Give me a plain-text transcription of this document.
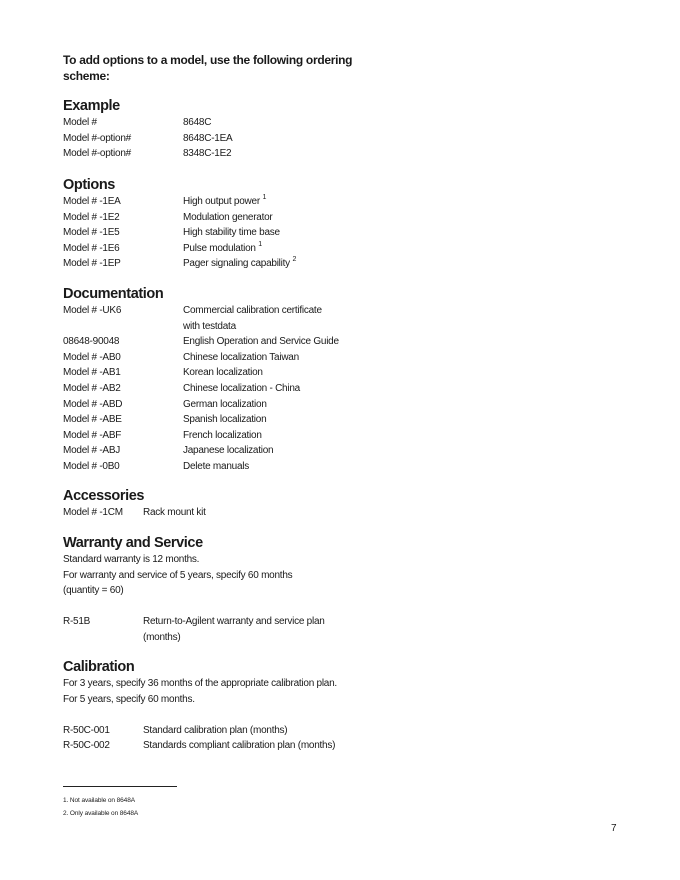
To add options to a model, use the following ordering scheme:
Example
Model #	8648C
Model #-option#	8648C-1EA
Model #-option#	8348C-1E2
Options
Model # -1EA	High output power $^1$
Model # -1E2	Modulation generator
Model # -1E5	High stability time base
Model # -1E6	Pulse modulation $^1$
Model # -1EP	Pager signaling capability $^2$
Documentation
Model # -UK6	Commercial calibration certificate
with testdata
08648-90048	English Operation and Service Guide
Model # -AB0	Chinese localization Taiwan
Model # -AB1	Korean localization
Model # -AB2	Chinese localization - China
Model # -ABD	German localization
Model # -ABE	Spanish localization
Model # -ABF	French localization
Model # -ABJ	Japanese localization
Model # -0B0	Delete manuals
Accessories
Model # -1CM Rack mount kit
Warranty and Service
Standard warranty is 12 months.
For warranty and service of 5 years, specify 60 months
(quantity = 60)
R-51B	Return-to-Agilent warranty and service plan
(months)
Calibration
For 3 years, specify 36 months of the appropriate calibration plan.
For 5 years, specify 60 months.
R-50C-001	Standard calibration plan (months)
R-50C-002	Standards compliant calibration plan (months)
1. Not available on 8648A
2. Only available on 8648A
7
